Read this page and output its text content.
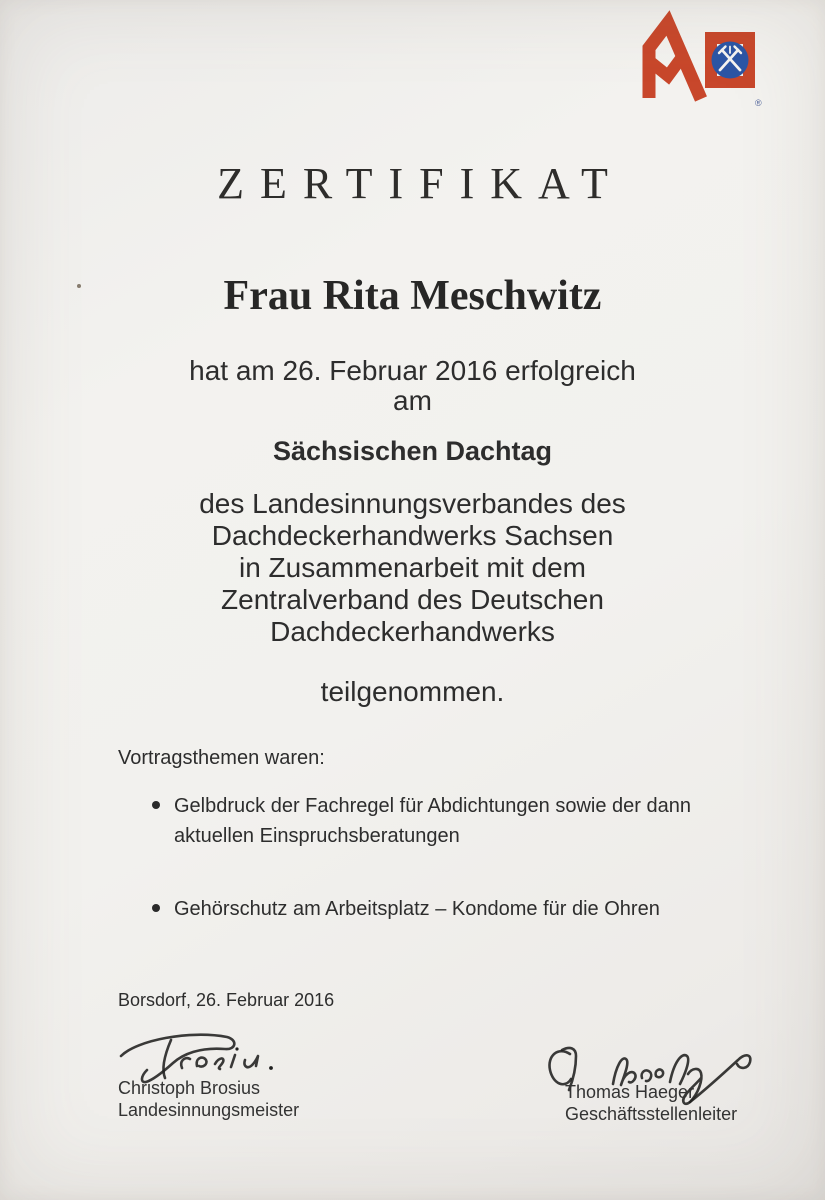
®
ZERTIFIKAT
Frau Rita Meschwitz
hat am 26. Februar 2016 erfolgreich
am
Sächsischen Dachtag
des Landesinnungsverbandes des
Dachdeckerhandwerks Sachsen
in Zusammenarbeit mit dem
Zentralverband des Deutschen
Dachdeckerhandwerks
teilgenommen.
Vortragsthemen waren:
Gelbdruck der Fachregel für Abdichtungen sowie der dann aktuellen Einspruchsberatungen
Gehörschutz am Arbeitsplatz – Kondome für die Ohren
Borsdorf, 26. Februar 2016
Christoph Brosius
Landesinnungsmeister
Thomas Haeger
Geschäftsstellenleiter
